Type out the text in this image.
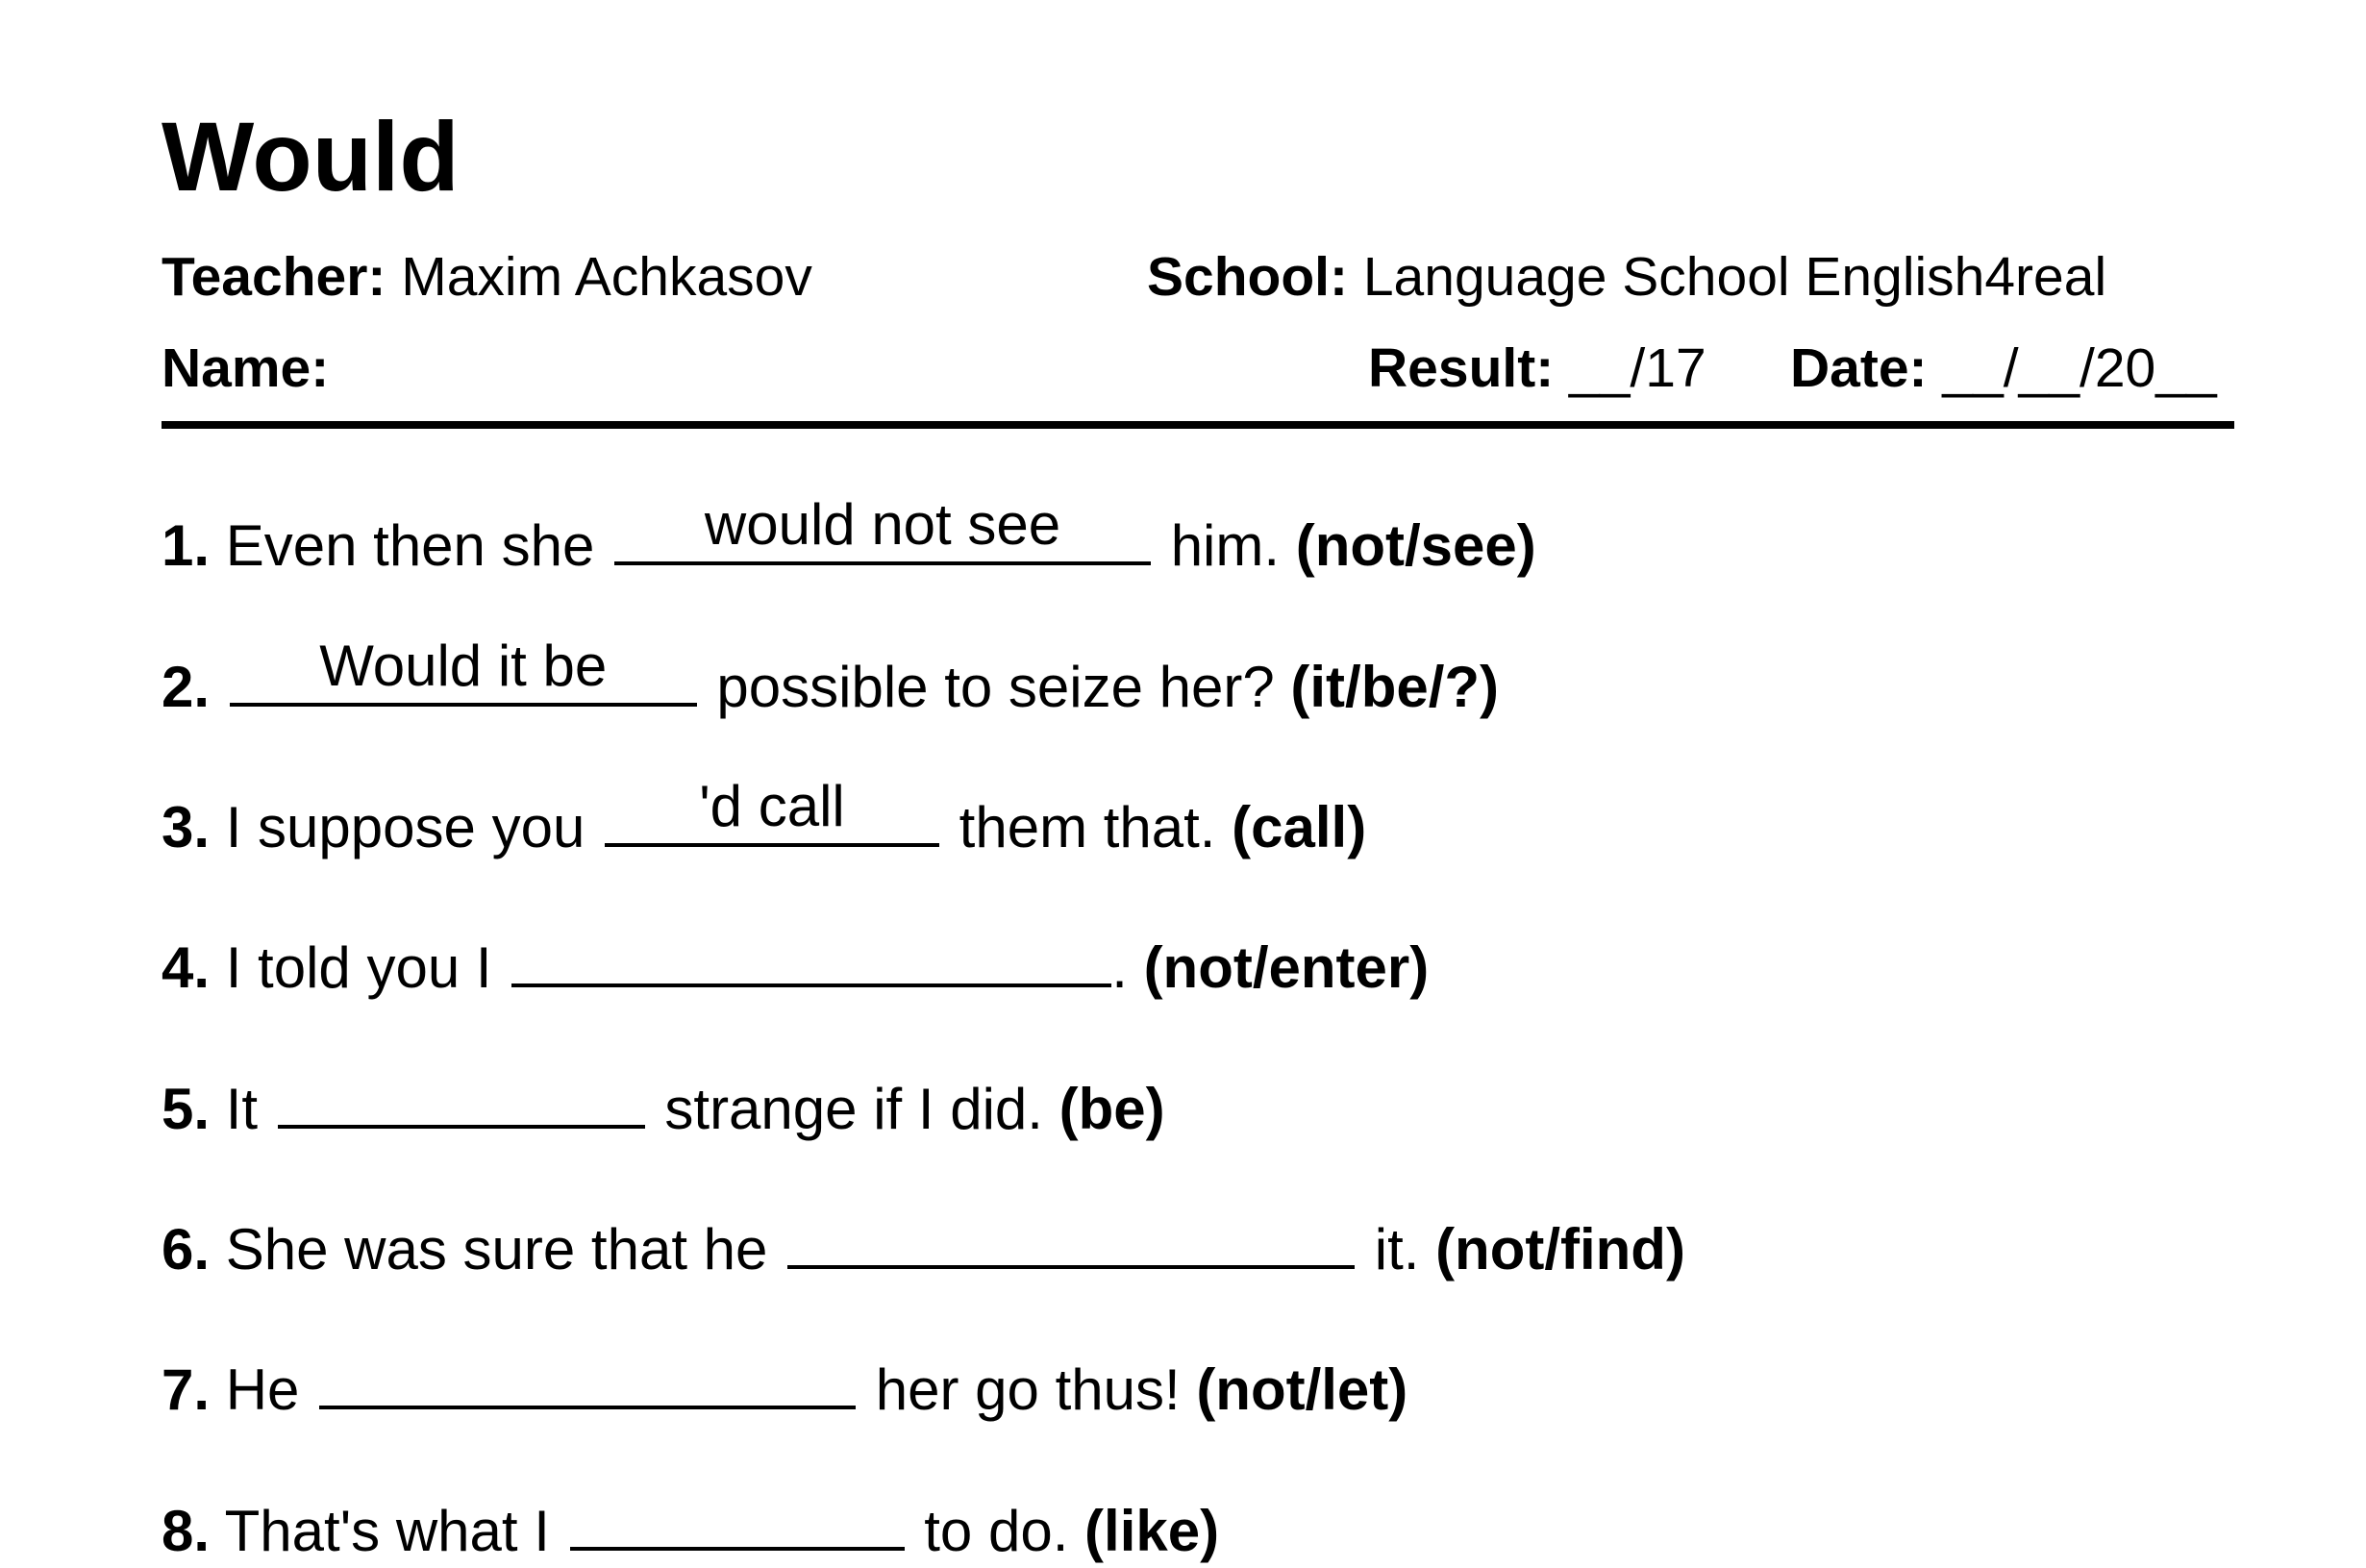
Would
Teacher: Maxim Achkasov	School: Language School English4real
Name:	Result: __/17 Date: __/__/20__
1. Even then she	would not see	him. (not/see)
2.	Would it be	possible to seize her? (it/be/?)
3. I suppose you	'd call	them that. (call)
4. I told you I	. (not/enter)
5. It	strange if I did. (be)
6. She was sure that he	it. (not/find)
7. He	her go thus! (not/let)
8. That's what I	to do. (like)
